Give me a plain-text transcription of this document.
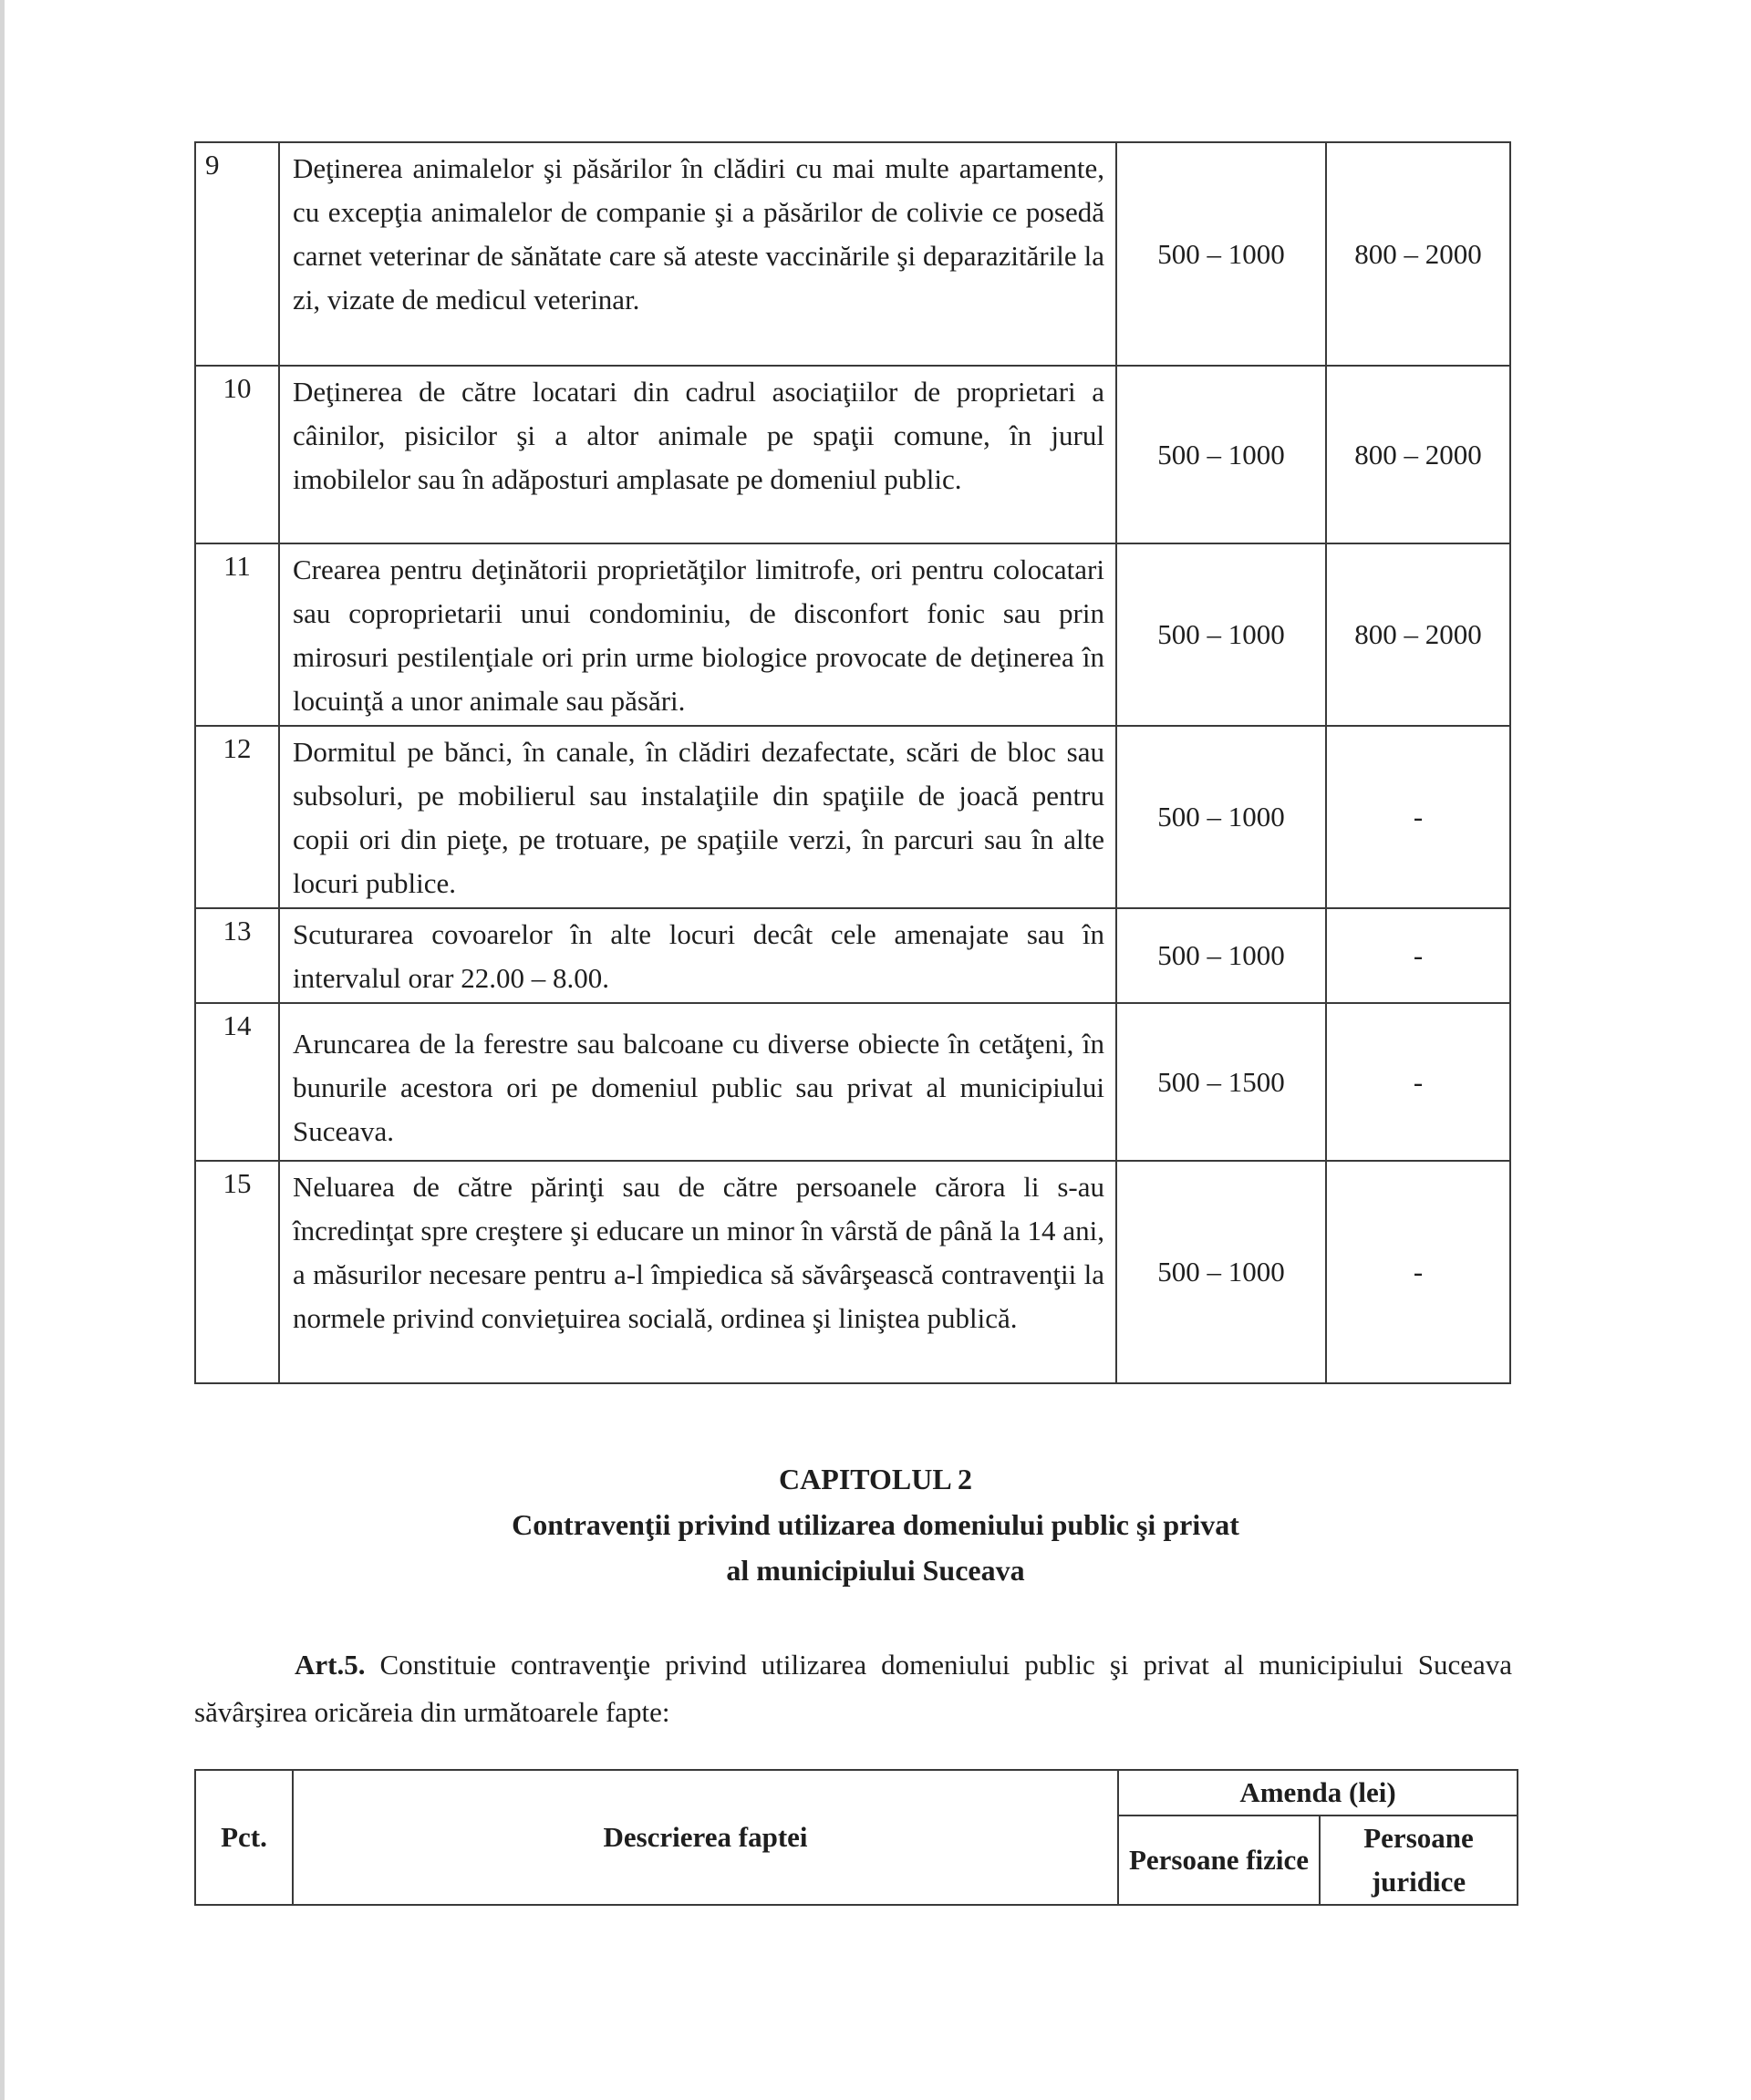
9	Deţinerea animalelor şi păsărilor în clădiri cu mai multe apartamente, cu excepţia animalelor de companie şi a păsărilor de colivie ce posedă carnet veterinar de sănătate care să ateste vaccinările şi deparazitările la zi, vizate de medicul veterinar.	500 – 1000	800 – 2000
10	Deţinerea de către locatari din cadrul asociaţiilor de proprietari a câinilor, pisicilor şi a altor animale pe spaţii comune, în jurul imobilelor sau în adăposturi amplasate pe domeniul public.	500 – 1000	800 – 2000
11	Crearea pentru deţinătorii proprietăţilor limitrofe, ori pentru colocatari sau coproprietarii unui condominiu, de disconfort fonic sau prin mirosuri pestilenţiale ori prin urme biologice provocate de deţinerea în locuinţă a unor animale sau păsări.	500 – 1000	800 – 2000
12	Dormitul pe bănci, în canale, în clădiri dezafectate, scări de bloc sau subsoluri, pe mobilierul sau instalaţiile din spaţiile de joacă pentru copii ori din pieţe, pe trotuare, pe spaţiile verzi, în parcuri sau în alte locuri publice.	500 – 1000	-
13	Scuturarea covoarelor în alte locuri decât cele amenajate sau în intervalul orar 22.00 – 8.00.	500 – 1000	-
14	Aruncarea de la ferestre sau balcoane cu diverse obiecte în cetăţeni, în bunurile acestora ori pe domeniul public sau privat al municipiului Suceava.	500 – 1500	-
15	Neluarea de către părinţi sau de către persoanele cărora li s-au încredinţat spre creştere şi educare un minor în vârstă de până la 14 ani, a măsurilor necesare pentru a-l împiedica să săvârşească contravenţii la normele privind convieţuirea socială, ordinea şi liniştea publică.	500 – 1000	-
CAPITOLUL 2
Contravenţii privind utilizarea domeniului public şi privat
al municipiului Suceava

Art.5. Constituie contravenţie privind utilizarea domeniului public şi privat al municipiului Suceava săvârşirea oricăreia din următoarele fapte:

Pct.	Descrierea faptei	Amenda (lei)	
		Persoane fizice	Persoane juridice
